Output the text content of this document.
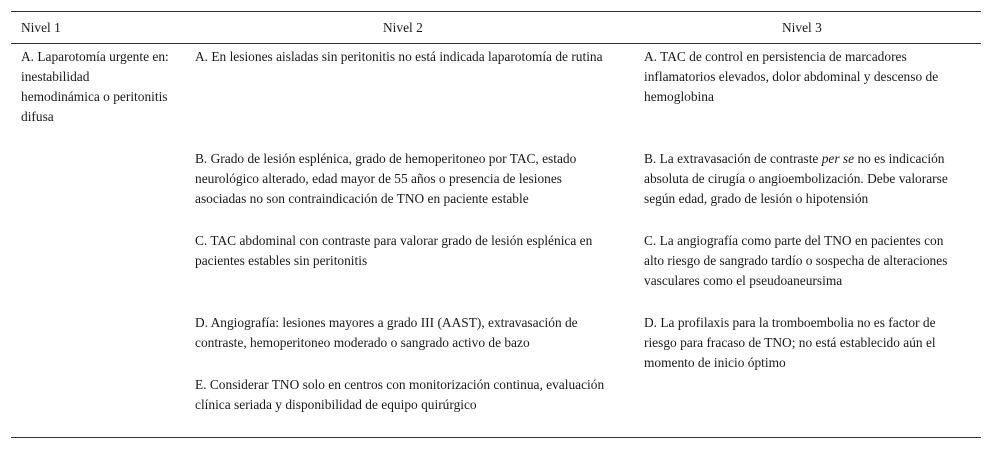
Nivel 1	Nivel 2	Nivel 3
A. Laparotomía urgente en: inestabilidad hemodinámica o peritonitis difusa
A. En lesiones aisladas sin peritonitis no está indicada laparotomía de rutina
B. Grado de lesión esplénica, grado de hemoperitoneo por TAC, estado neurológico alterado, edad mayor de 55 años o presencia de lesiones asociadas no son contraindicación de TNO en paciente estable
C. TAC abdominal con contraste para valorar grado de lesión esplénica en pacientes estables sin peritonitis
D. Angiografía: lesiones mayores a grado III (AAST), extravasación de contraste, hemoperitoneo moderado o sangrado activo de bazo
E. Considerar TNO solo en centros con monitorización continua, evaluación clínica seriada y disponibilidad de equipo quirúrgico
A. TAC de control en persistencia de marcadores inflamatorios elevados, dolor abdominal y descenso de hemoglobina
B. La extravasación de contraste per se no es indicación absoluta de cirugía o angioembolización. Debe valorarse según edad, grado de lesión o hipotensión
C. La angiografía como parte del TNO en pacientes con alto riesgo de sangrado tardío o sospecha de alteraciones vasculares como el pseudoaneursima
D. La profilaxis para la tromboembolia no es factor de riesgo para fracaso de TNO; no está establecido aún el momento de inicio óptimo
